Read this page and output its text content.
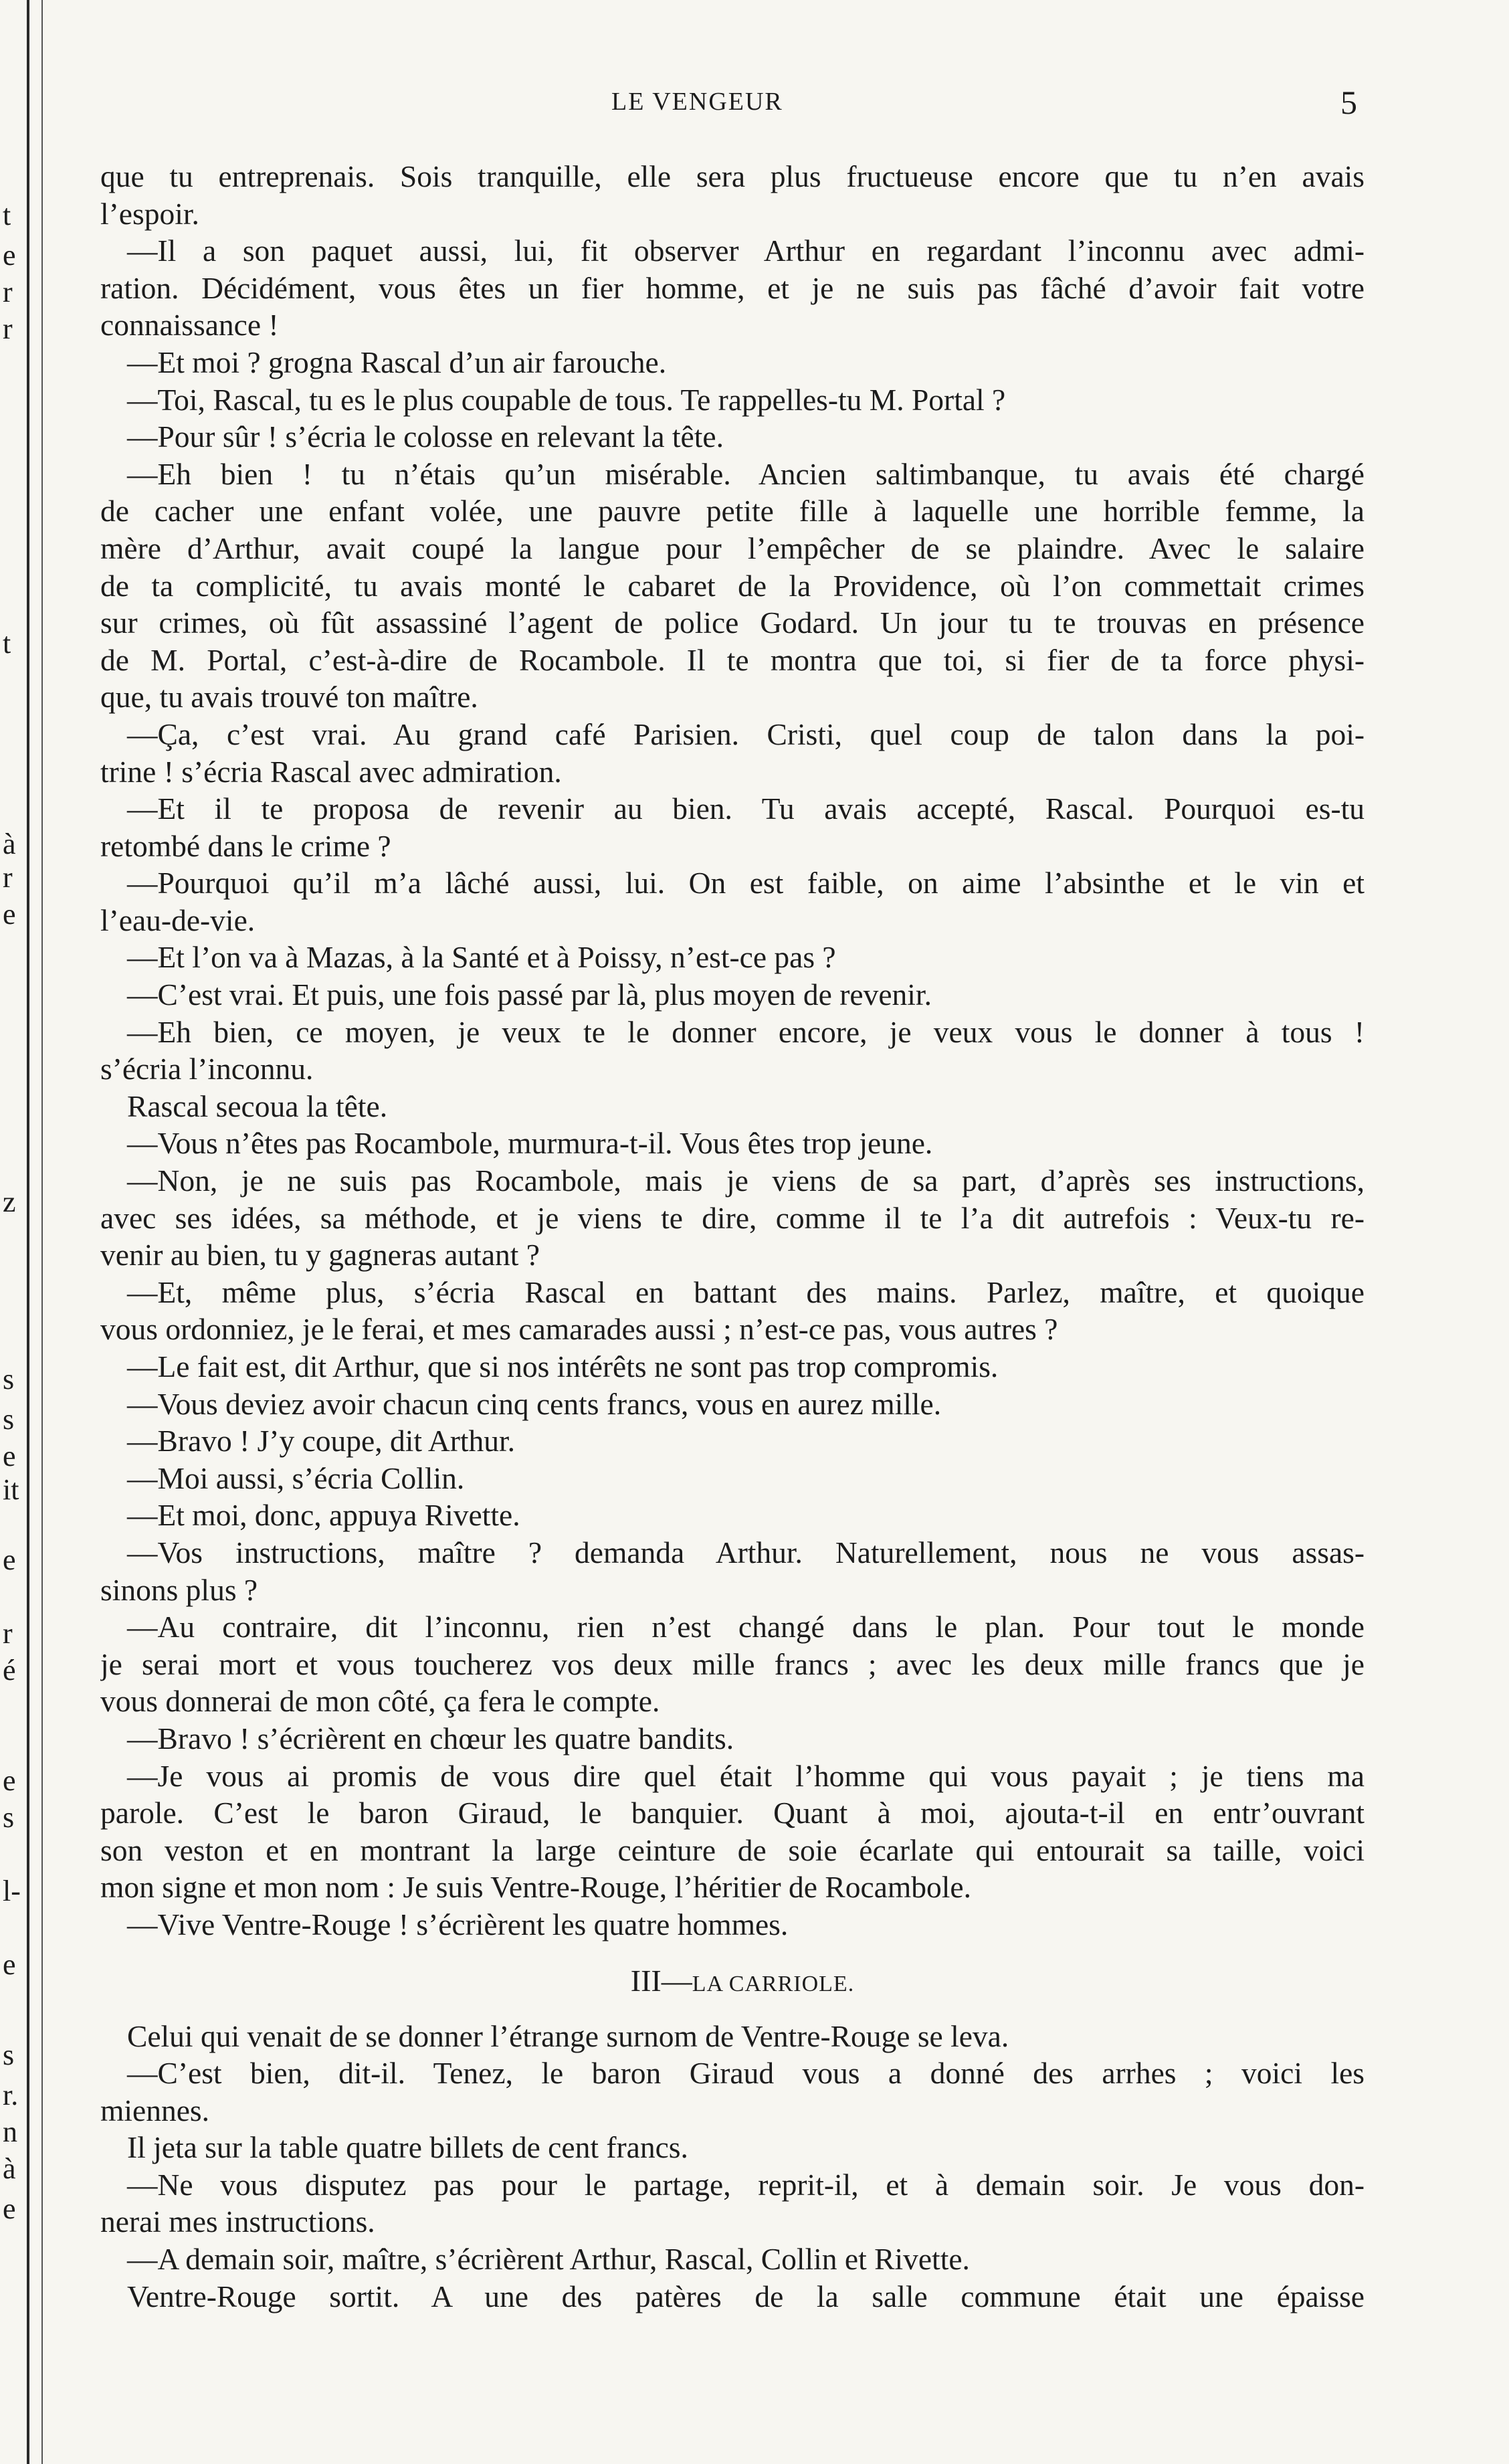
t
e
r
r
t
à
r
e
z
s
s
e
it
e
r
é
e
s
l-
e
s
r.
n
à
e
LE VENGEUR	5
que tu entreprenais. Sois tranquille, elle sera plus fructueuse encore que tu n’en avais
l’espoir.
—Il a son paquet aussi, lui, fit observer Arthur en regardant l’inconnu avec admi-
ration. Décidément, vous êtes un fier homme, et je ne suis pas fâché d’avoir fait votre
connaissance !
—Et moi ? grogna Rascal d’un air farouche.
—Toi, Rascal, tu es le plus coupable de tous. Te rappelles-tu M. Portal ?
—Pour sûr ! s’écria le colosse en relevant la tête.
—Eh bien ! tu n’étais qu’un misérable. Ancien saltimbanque, tu avais été chargé
de cacher une enfant volée, une pauvre petite fille à laquelle une horrible femme, la
mère d’Arthur, avait coupé la langue pour l’empêcher de se plaindre. Avec le salaire
de ta complicité, tu avais monté le cabaret de la Providence, où l’on commettait crimes
sur crimes, où fût assassiné l’agent de police Godard. Un jour tu te trouvas en présence
de M. Portal, c’est-à-dire de Rocambole. Il te montra que toi, si fier de ta force physi-
que, tu avais trouvé ton maître.
—Ça, c’est vrai. Au grand café Parisien. Cristi, quel coup de talon dans la poi-
trine ! s’écria Rascal avec admiration.
—Et il te proposa de revenir au bien. Tu avais accepté, Rascal. Pourquoi es-tu
retombé dans le crime ?
—Pourquoi qu’il m’a lâché aussi, lui. On est faible, on aime l’absinthe et le vin et
l’eau-de-vie.
—Et l’on va à Mazas, à la Santé et à Poissy, n’est-ce pas ?
—C’est vrai. Et puis, une fois passé par là, plus moyen de revenir.
—Eh bien, ce moyen, je veux te le donner encore, je veux vous le donner à tous !
s’écria l’inconnu.
Rascal secoua la tête.
—Vous n’êtes pas Rocambole, murmura-t-il. Vous êtes trop jeune.
—Non, je ne suis pas Rocambole, mais je viens de sa part, d’après ses instructions,
avec ses idées, sa méthode, et je viens te dire, comme il te l’a dit autrefois : Veux-tu re-
venir au bien, tu y gagneras autant ?
—Et, même plus, s’écria Rascal en battant des mains. Parlez, maître, et quoique
vous ordonniez, je le ferai, et mes camarades aussi ; n’est-ce pas, vous autres ?
—Le fait est, dit Arthur, que si nos intérêts ne sont pas trop compromis.
—Vous deviez avoir chacun cinq cents francs, vous en aurez mille.
—Bravo ! J’y coupe, dit Arthur.
—Moi aussi, s’écria Collin.
—Et moi, donc, appuya Rivette.
—Vos instructions, maître ? demanda Arthur. Naturellement, nous ne vous assas-
sinons plus ?
—Au contraire, dit l’inconnu, rien n’est changé dans le plan. Pour tout le monde
je serai mort et vous toucherez vos deux mille francs ; avec les deux mille francs que je
vous donnerai de mon côté, ça fera le compte.
—Bravo ! s’écrièrent en chœur les quatre bandits.
—Je vous ai promis de vous dire quel était l’homme qui vous payait ; je tiens ma
parole. C’est le baron Giraud, le banquier. Quant à moi, ajouta-t-il en entr’ouvrant
son veston et en montrant la large ceinture de soie écarlate qui entourait sa taille, voici
mon signe et mon nom : Je suis Ventre-Rouge, l’héritier de Rocambole.
—Vive Ventre-Rouge ! s’écrièrent les quatre hommes.
III—LA CARRIOLE.
Celui qui venait de se donner l’étrange surnom de Ventre-Rouge se leva.
—C’est bien, dit-il. Tenez, le baron Giraud vous a donné des arrhes ; voici les
miennes.
Il jeta sur la table quatre billets de cent francs.
—Ne vous disputez pas pour le partage, reprit-il, et à demain soir. Je vous don-
nerai mes instructions.
—A demain soir, maître, s’écrièrent Arthur, Rascal, Collin et Rivette.
Ventre-Rouge sortit. A une des patères de la salle commune était une épaisse
